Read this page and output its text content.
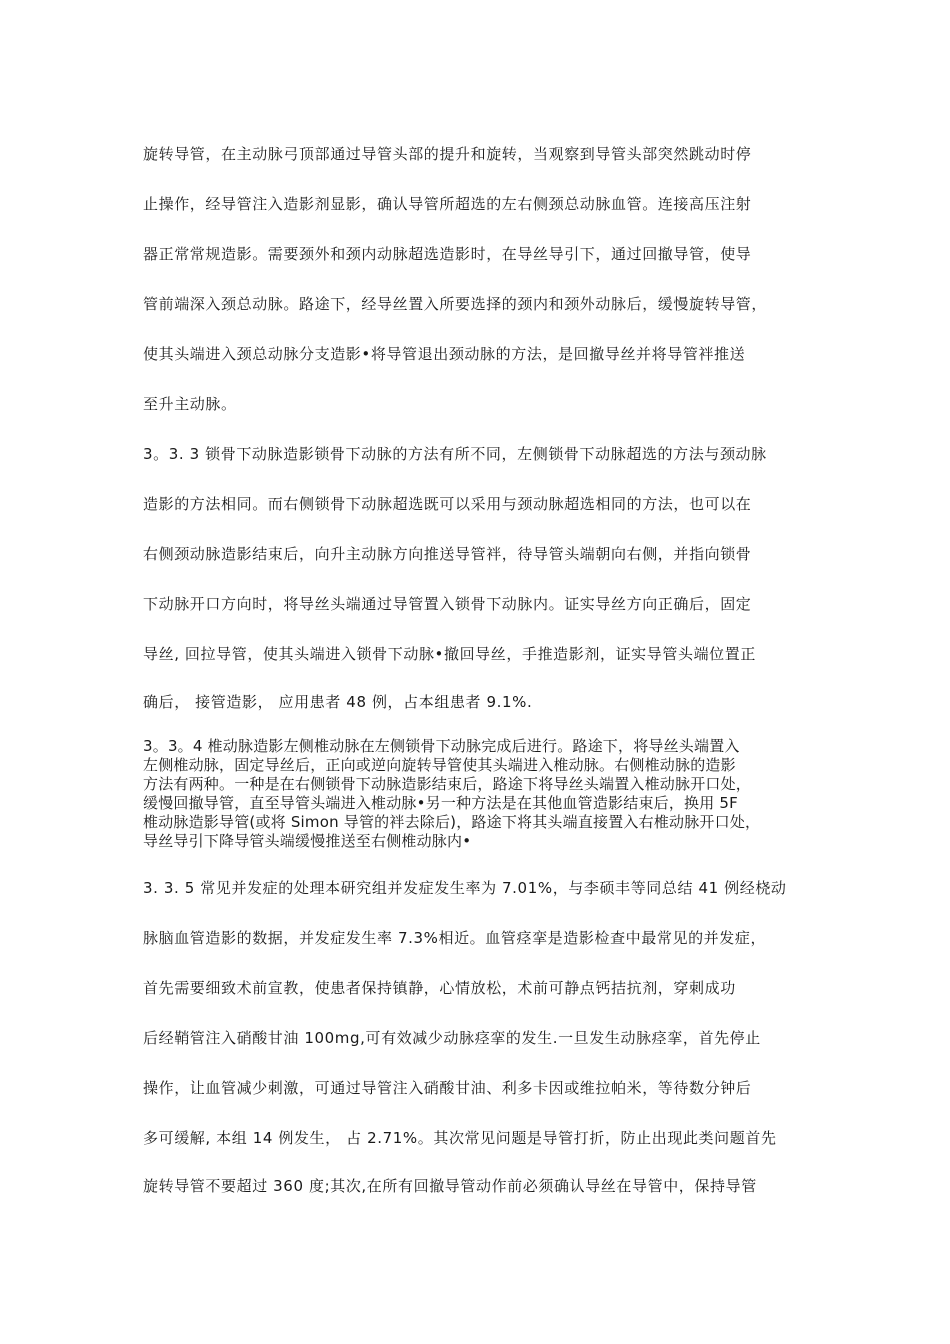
旋转导管，在主动脉弓顶部通过导管头部的提升和旋转，当观察到导管头部突然跳动时停
止操作，经导管注入造影剂显影，确认导管所超选的左右侧颈总动脉血管。连接高压注射
器正常常规造影。需要颈外和颈内动脉超选造影时，在导丝导引下，通过回撤导管，使导
管前端深入颈总动脉。路途下，经导丝置入所要选择的颈内和颈外动脉后，缓慢旋转导管，
使其头端进入颈总动脉分支造影•将导管退出颈动脉的方法，是回撤导丝并将导管袢推送
至升主动脉。
3。3. 3 锁骨下动脉造影锁骨下动脉的方法有所不同，左侧锁骨下动脉超选的方法与颈动脉
造影的方法相同。而右侧锁骨下动脉超选既可以采用与颈动脉超选相同的方法，也可以在
右侧颈动脉造影结束后，向升主动脉方向推送导管袢，待导管头端朝向右侧，并指向锁骨
下动脉开口方向时，将导丝头端通过导管置入锁骨下动脉内。证实导丝方向正确后，固定
导丝, 回拉导管，使其头端进入锁骨下动脉•撤回导丝，手推造影剂，证实导管头端位置正
确后， 接管造影， 应用患者 48 例，占本组患者 9.1%.
3。3。4 椎动脉造影左侧椎动脉在左侧锁骨下动脉完成后进行。路途下，将导丝头端置入
左侧椎动脉，固定导丝后，正向或逆向旋转导管使其头端进入椎动脉。右侧椎动脉的造影
方法有两种。一种是在右侧锁骨下动脉造影结束后，路途下将导丝头端置入椎动脉开口处，
缓慢回撤导管，直至导管头端进入椎动脉•另一种方法是在其他血管造影结束后，换用 5F
椎动脉造影导管(或将 Simon 导管的袢去除后)，路途下将其头端直接置入右椎动脉开口处，
导丝导引下降导管头端缓慢推送至右侧椎动脉内•
3. 3. 5 常见并发症的处理本研究组并发症发生率为 7.01%，与李硕丰等同总结 41 例经桡动
脉脑血管造影的数据，并发症发生率 7.3%相近。血管痉挛是造影检查中最常见的并发症，
首先需要细致术前宣教，使患者保持镇静，心情放松，术前可静点钙拮抗剂，穿刺成功
后经鞘管注入硝酸甘油 100mg,可有效减少动脉痉挛的发生.一旦发生动脉痉挛，首先停止
操作，让血管减少刺激，可通过导管注入硝酸甘油、利多卡因或维拉帕米，等待数分钟后
多可缓解, 本组 14 例发生， 占 2.71%。其次常见问题是导管打折，防止出现此类问题首先
旋转导管不要超过 360 度;其次,在所有回撤导管动作前必须确认导丝在导管中，保持导管
